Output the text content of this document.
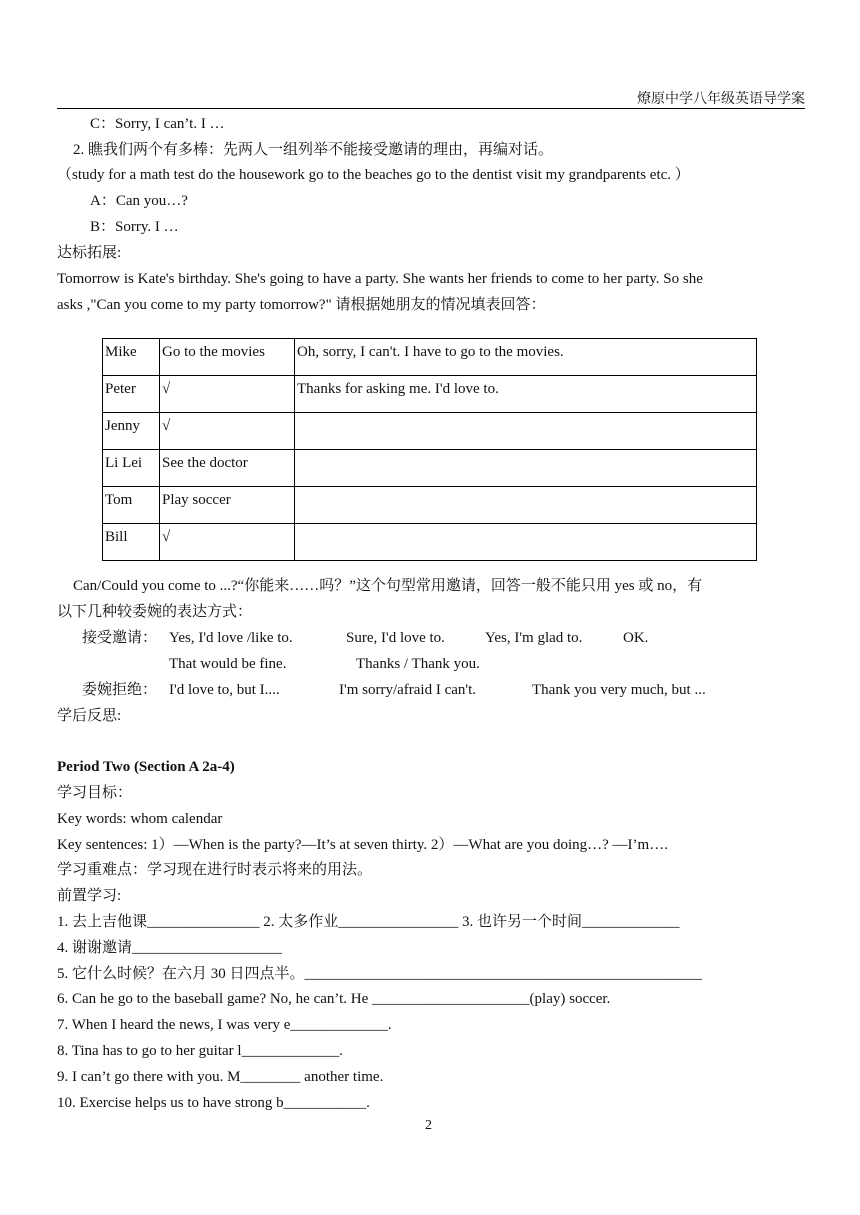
燎原中学八年级英语导学案
C：Sorry, I can’t. I …
2. 瞧我们两个有多棒：先两人一组列举不能接受邀请的理由，再编对话。
（study for a math test do the housework go to the beaches go to the dentist visit my grandparents etc. ）
A：Can you…?
B：Sorry. I …
达标拓展:
Tomorrow is Kate's birthday. She's going to have a party. She wants her friends to come to her party. So she
asks ,"Can you come to my party tomorrow?" 请根据她朋友的情况填表回答：
Mike	Go to the movies	Oh, sorry, I can't. I have to go to the movies.
Peter	√	Thanks for asking me. I'd love to.
Jenny	√	
Li Lei	See the doctor	
Tom	Play soccer	
Bill	√	
Can/Could you come to ...?“你能来……吗？”这个句型常用邀请，回答一般不能只用 yes 或 no，有
以下几种较委婉的表达方式：
接受邀请： Yes, I'd love /like to.	Sure, I'd love to.	Yes, I'm glad to.	OK.
That would be fine.	Thanks / Thank you.
委婉拒绝： I'd love to, but I....	I'm sorry/afraid I can't.	Thank you very much, but ...
学后反思:
Period Two (Section A 2a-4)
学习目标：
Key words: whom calendar
Key sentences: 1）—When is the party?—It’s at seven thirty. 2）—What are you doing…? —I’m….
学习重难点：学习现在进行时表示将来的用法。
前置学习:
1. 去上吉他课_______________ 2. 太多作业________________ 3. 也许另一个时间_____________
4. 谢谢邀请____________________
5. 它什么时候？在六月 30 日四点半。_____________________________________________________
6. Can he go to the baseball game? No, he can’t. He _____________________(play) soccer.
7. When I heard the news, I was very e_____________.
8. Tina has to go to her guitar l_____________.
9. I can’t go there with you. M________ another time.
10. Exercise helps us to have strong b___________.
2
